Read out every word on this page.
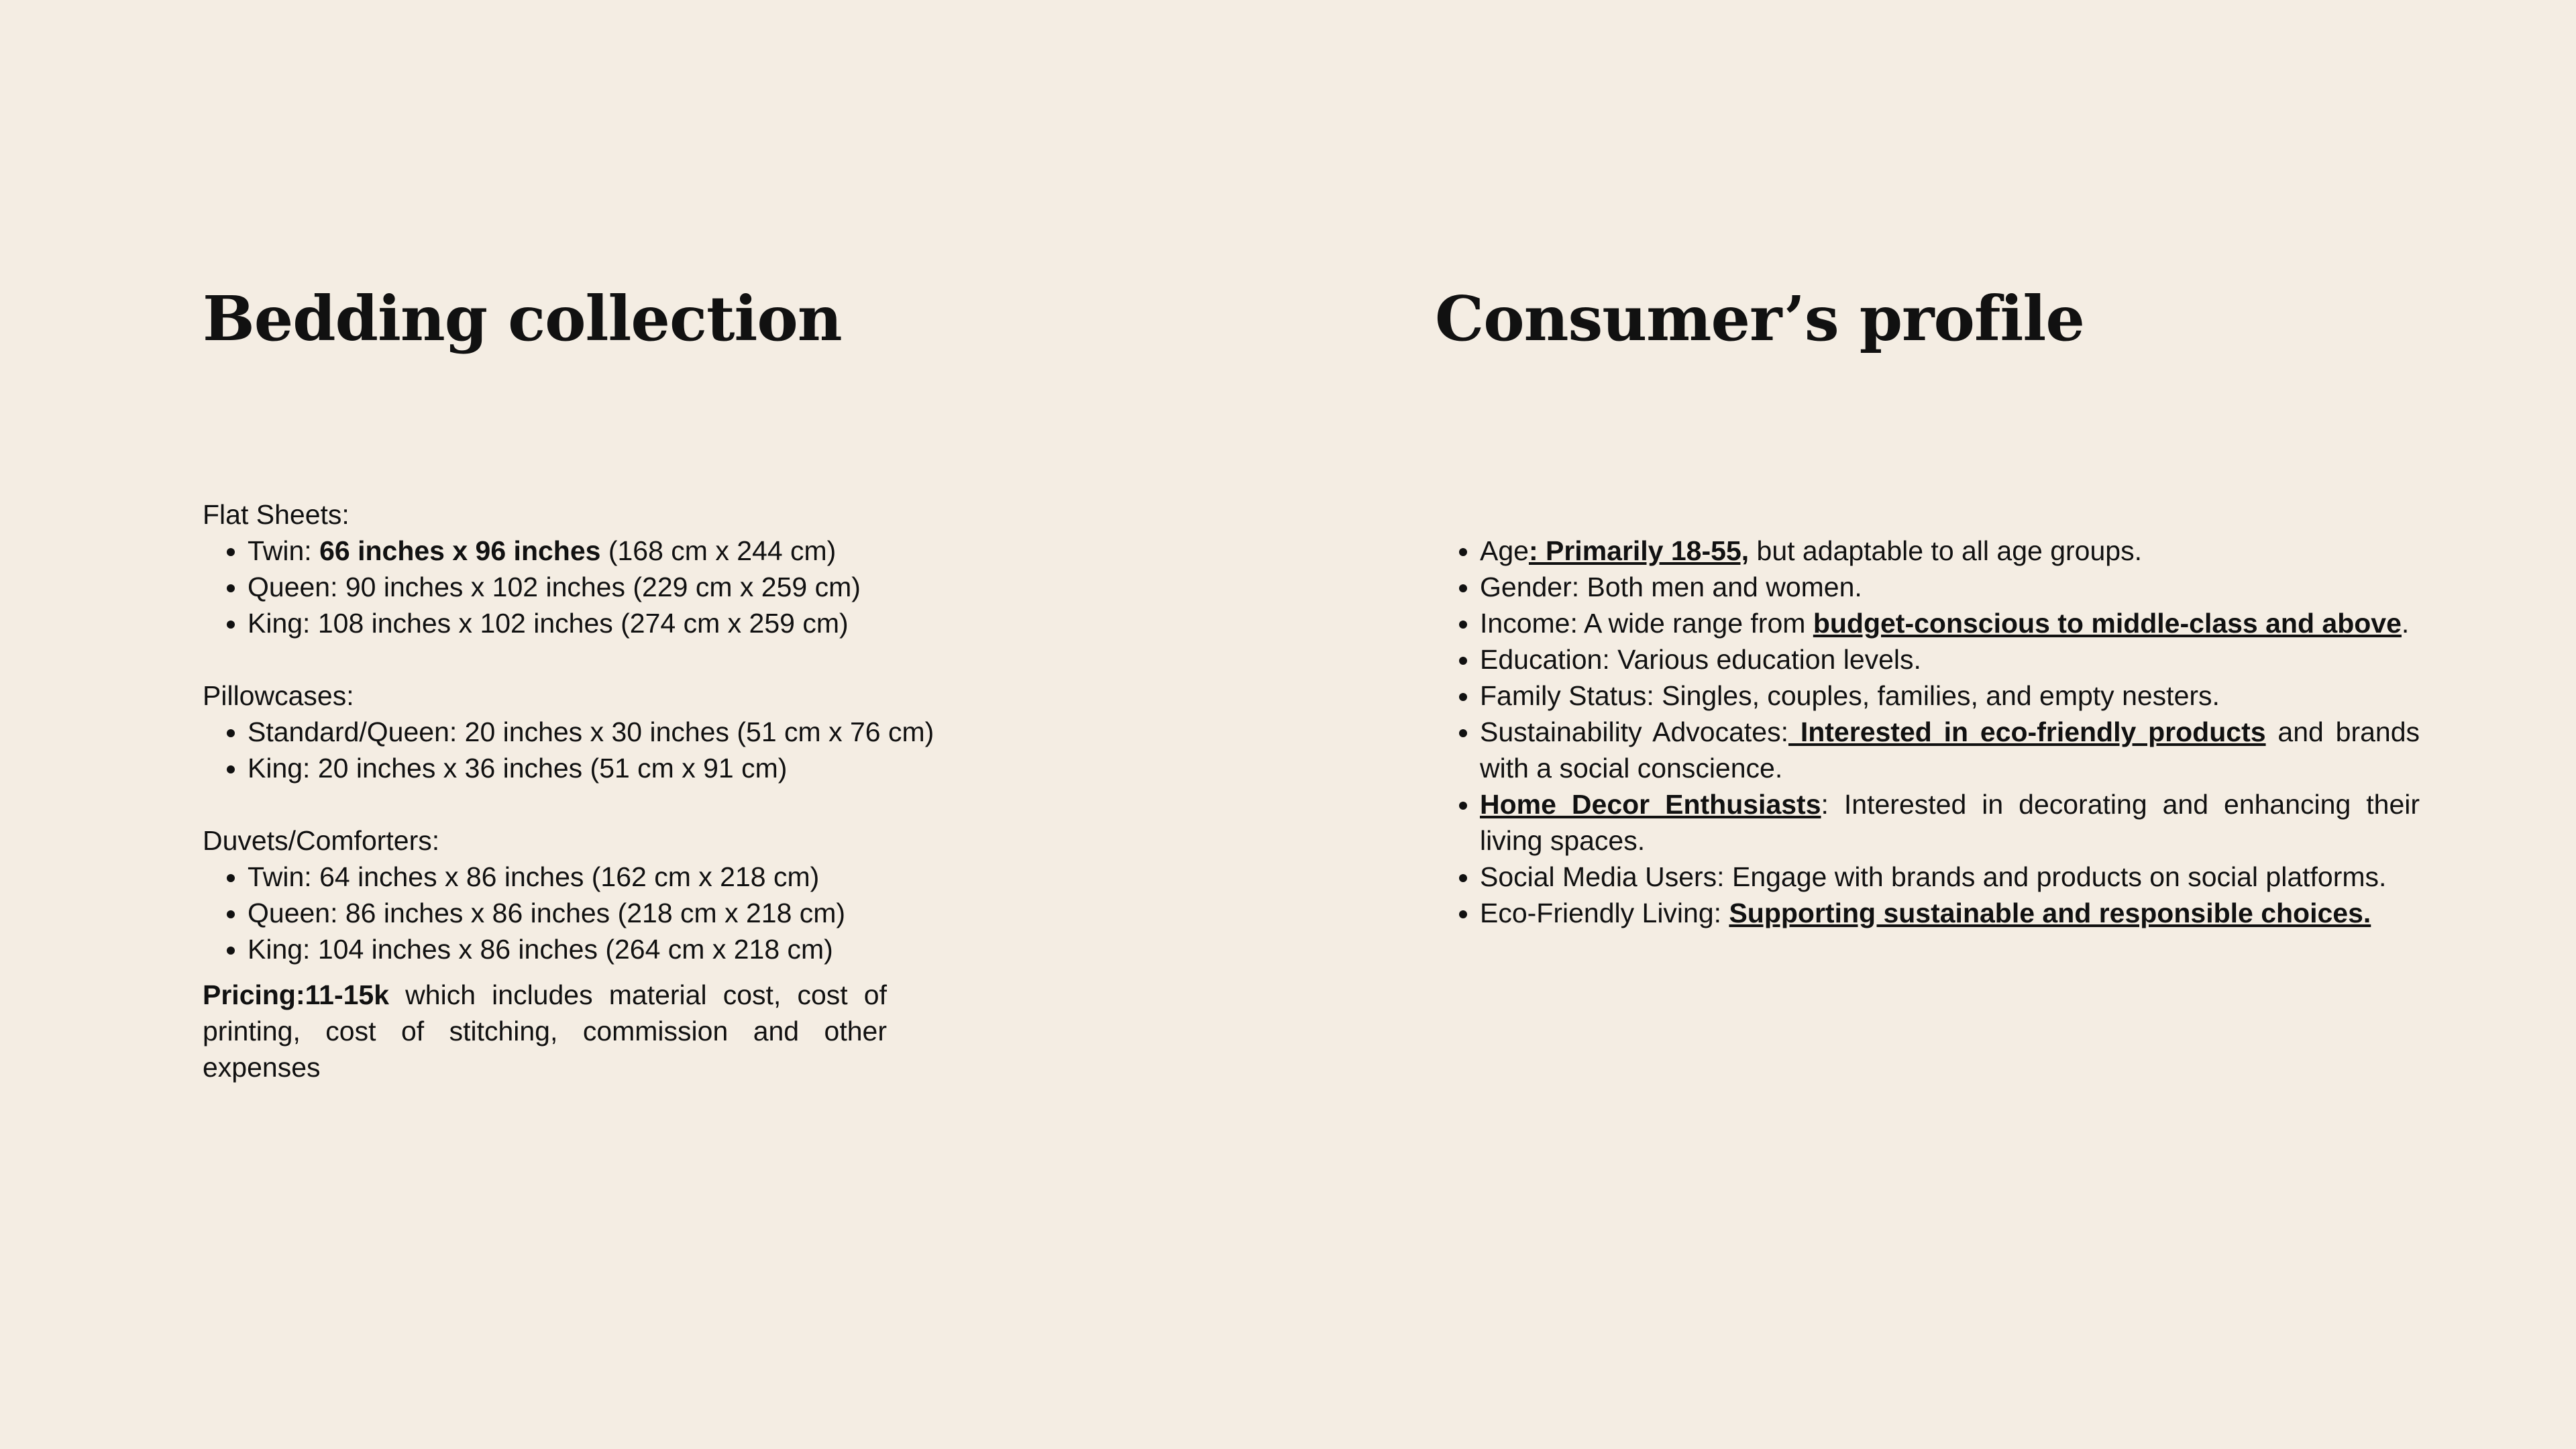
Bedding collection

Flat Sheets:

• Twin: 66 inches x 96 inches (168 cm x 244 cm)
• Queen: 90 inches x 102 inches (229 cm x 259 cm)
• King: 108 inches x 102 inches (274 cm x 259 cm)

Pillowcases:

• Standard/Queen: 20 inches x 30 inches (51 cm x 76 cm)
• King: 20 inches x 36 inches (51 cm x 91 cm)

Duvets/Comforters:

• Twin: 64 inches x 86 inches (162 cm x 218 cm)
• Queen: 86 inches x 86 inches (218 cm x 218 cm)
• King: 104 inches x 86 inches (264 cm x 218 cm)

Pricing:11-15k which includes material cost, cost of printing, cost of stitching, commission and other expenses

Consumer’s profile
• Age: Primarily 18-55, but adaptable to all age groups.
• Gender: Both men and women.
• Income: A wide range from budget-conscious to middle-class and above.
• Education: Various education levels.
• Family Status: Singles, couples, families, and empty nesters.
• Sustainability Advocates: Interested in eco-friendly products and brands with a social conscience.
• Home Decor Enthusiasts: Interested in decorating and enhancing their living spaces.
• Social Media Users: Engage with brands and products on social platforms.
• Eco-Friendly Living: Supporting sustainable and responsible choices.
